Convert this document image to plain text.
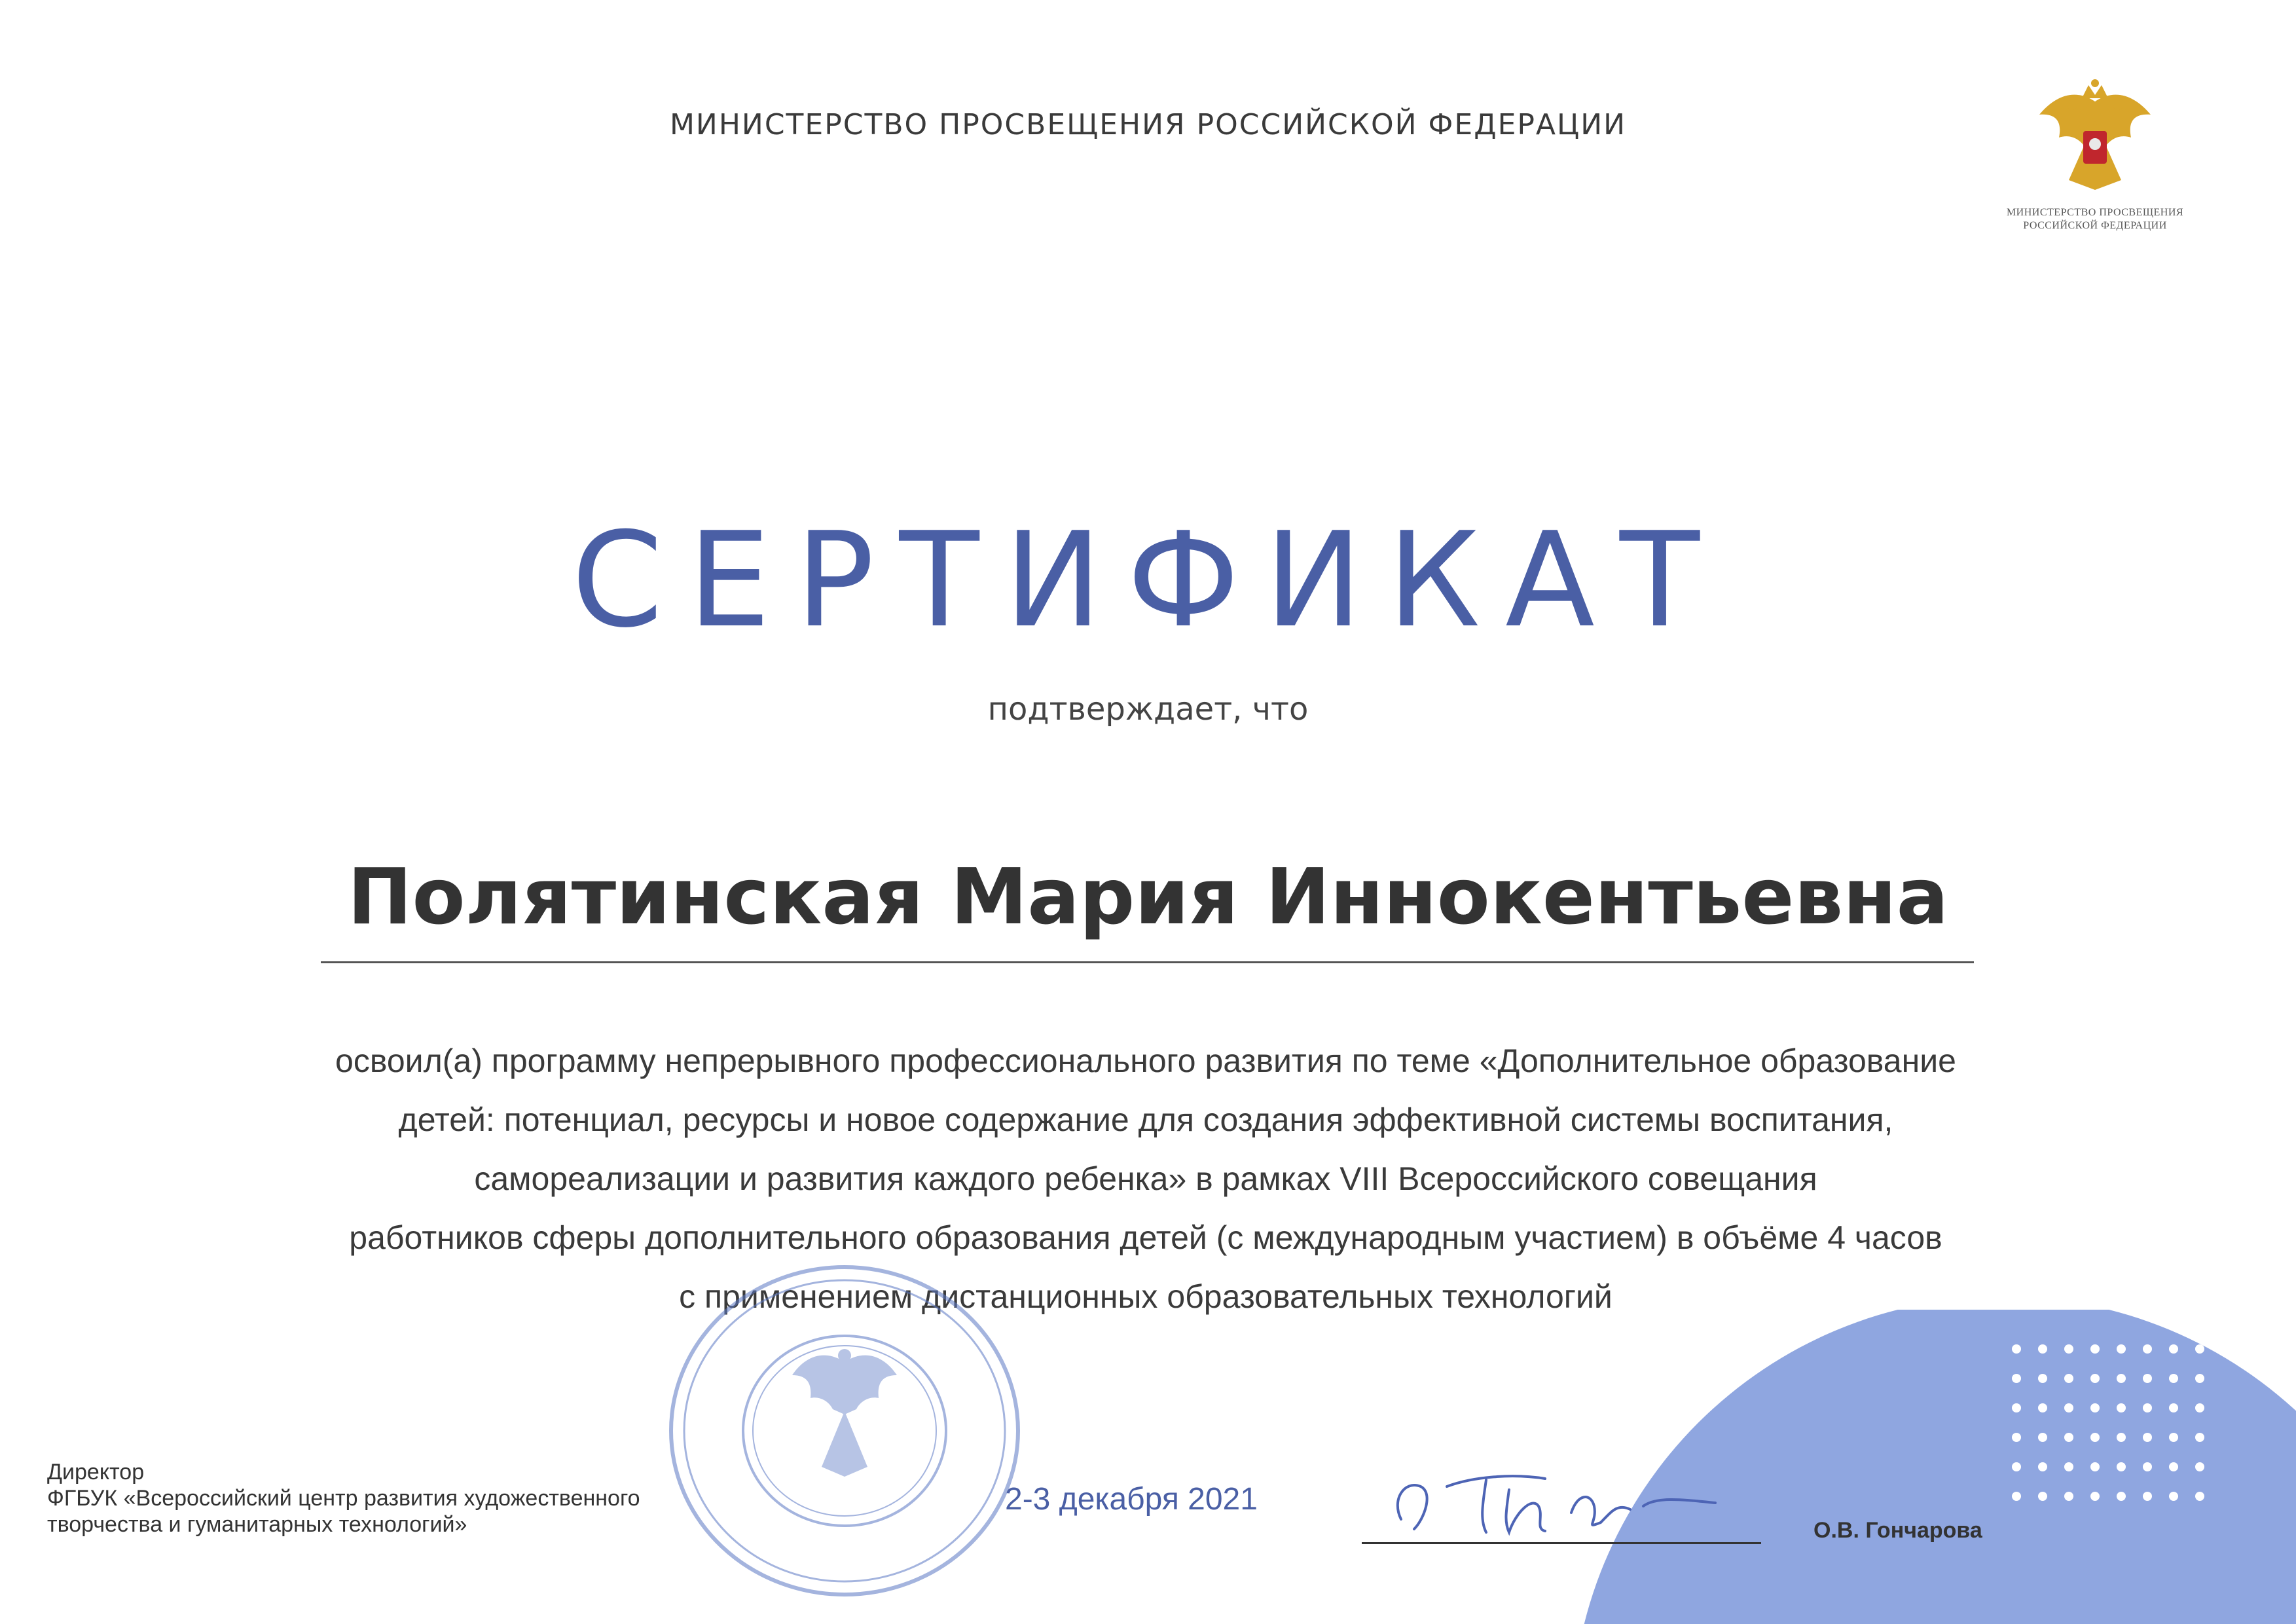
МИНИСТЕРСТВО ПРОСВЕЩЕНИЯ РОССИЙСКОЙ ФЕДЕРАЦИИ
МИНИСТЕРСТВО ПРОСВЕЩЕНИЯ
РОССИЙСКОЙ ФЕДЕРАЦИИ
СЕРТИФИКАТ
подтверждает, что
Полятинская Мария Иннокентьевна
освоил(а) программу непрерывного профессионального развития по теме «Дополнительное образование
детей: потенциал, ресурсы и новое содержание для создания эффективной системы воспитания,
самореализации и развития каждого ребенка» в рамках VIII Всероссийского совещания
работников сферы дополнительного образования детей (с международным участием) в объёме 4 часов
с применением дистанционных образовательных технологий
Директор
ФГБУК «Всероссийский центр развития художественного
творчества и гуманитарных технологий»
2-3 декабря 2021
О.В. Гончарова
